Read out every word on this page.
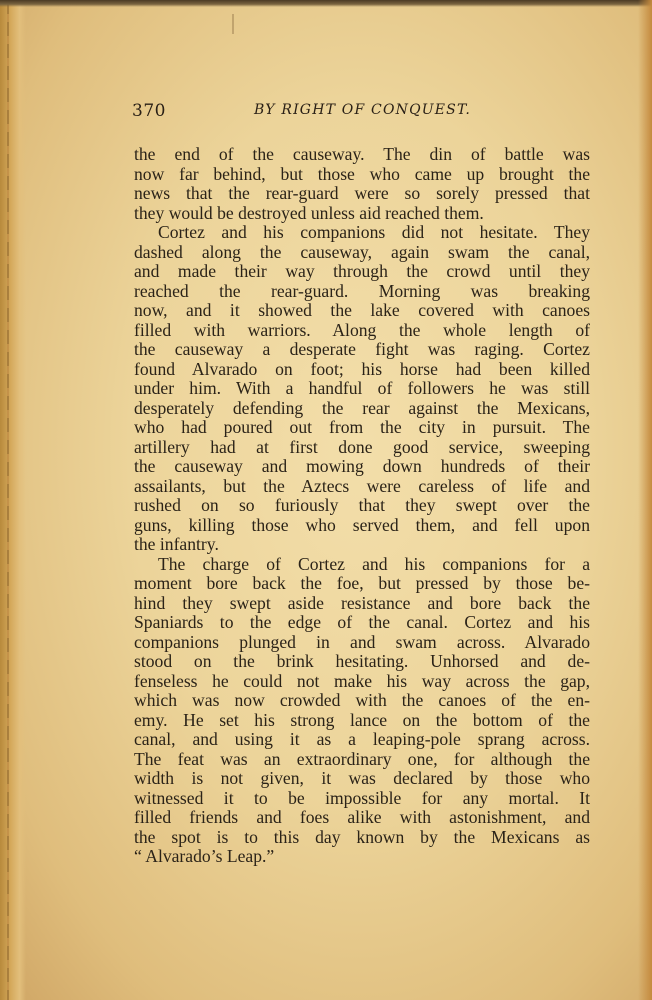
370	BY RIGHT OF CONQUEST.
the end of the causeway. The din of battle was
now far behind, but those who came up brought the
news that the rear-guard were so sorely pressed that
they would be destroyed unless aid reached them.
Cortez and his companions did not hesitate. They
dashed along the causeway, again swam the canal,
and made their way through the crowd until they
reached the rear-guard. Morning was breaking
now, and it showed the lake covered with canoes
filled with warriors. Along the whole length of
the causeway a desperate fight was raging. Cortez
found Alvarado on foot; his horse had been killed
under him. With a handful of followers he was still
desperately defending the rear against the Mexicans,
who had poured out from the city in pursuit. The
artillery had at first done good service, sweeping
the causeway and mowing down hundreds of their
assailants, but the Aztecs were careless of life and
rushed on so furiously that they swept over the
guns, killing those who served them, and fell upon
the infantry.
The charge of Cortez and his companions for a
moment bore back the foe, but pressed by those be-
hind they swept aside resistance and bore back the
Spaniards to the edge of the canal. Cortez and his
companions plunged in and swam across. Alvarado
stood on the brink hesitating. Unhorsed and de-
fenseless he could not make his way across the gap,
which was now crowded with the canoes of the en-
emy. He set his strong lance on the bottom of the
canal, and using it as a leaping-pole sprang across.
The feat was an extraordinary one, for although the
width is not given, it was declared by those who
witnessed it to be impossible for any mortal. It
filled friends and foes alike with astonishment, and
the spot is to this day known by the Mexicans as
“ Alvarado’s Leap.”
